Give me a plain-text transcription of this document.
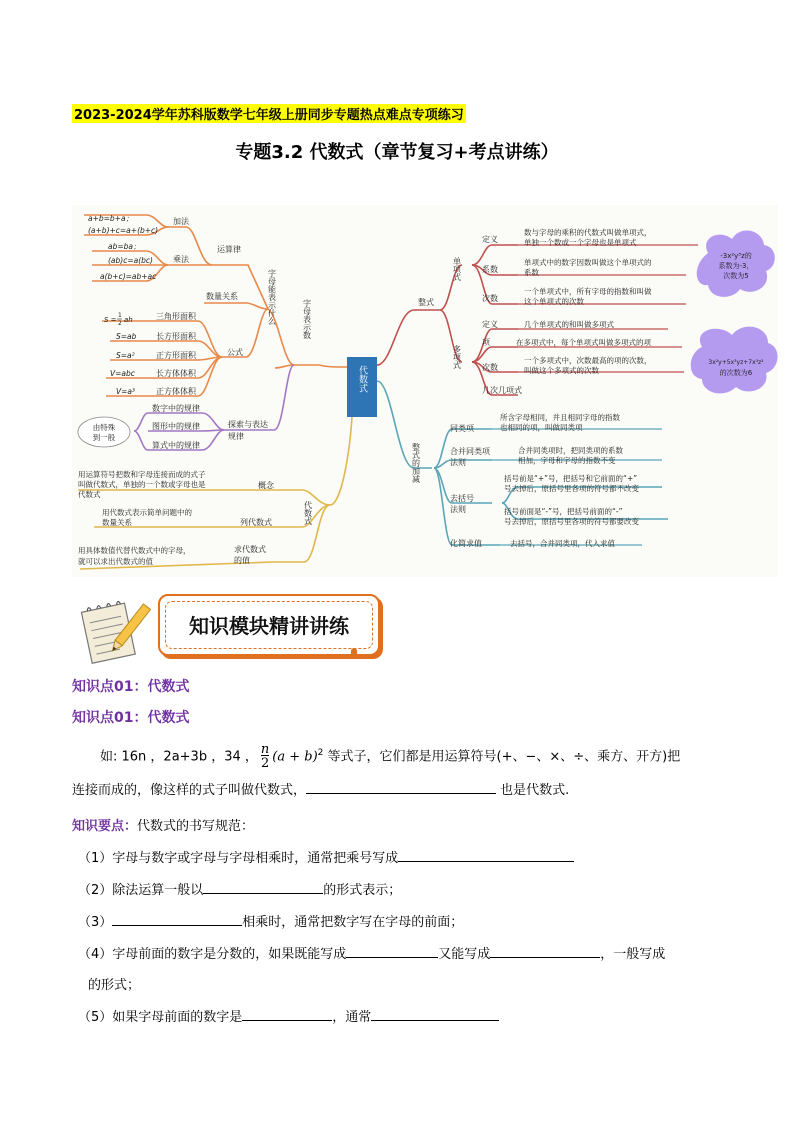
2023-2024学年苏科版数学七年级上册同步专题热点难点专项练习
专题3.2 代数式（章节复习+考点讲练）
代数式
字母表示数
字母能表示什么
运算律
加法
乘法
a+b=b+a；
(a+b)+c=a+(b+c)
ab=ba；
(ab)c=a(bc)
a(b+c)=ab+ac
数量关系
公式
S =
1
2 ah	三角形面积
S=ab 长方形面积
S=a²	正方形面积
V=abc	长方体体积
V=a³	正方体体积
探索与表达
规律
数字中的规律
图形中的规律
算式中的规律
由特殊
到一般
代数式
概念
用运算符号把数和字母连接而成的式子
叫做代数式，单独的一个数或字母也是
代数式
列代数式
用代数式表示简单问题中的
数量关系
求代数式
的值
用具体数值代替代数式中的字母，
就可以求出代数式的值
整式
单项式
定义
数与字母的乘积的代数式叫做单项式，
单独一个数或一个字母也是单项式
系数
单项式中的数字因数叫做这个单项式的
系数
次数
一个单项式中，所有字母的指数和叫做
这个单项式的次数
多项式
定义	几个单项式的和叫做多项式
项	在多项式中，每个单项式叫做多项式的项
次数
一个多项式中，次数最高的项的次数，
叫做这个多项式的次数
几次几项式
-3x²y³z的
系数为-3，
次数为5
3x²y+5x³yz+7x³z²
的次数为6
整式的加减
同类项
所含字母相同，并且相同字母的指数
也相同的项，叫做同类项
合并同类项
法则
合并同类项时，把同类项的系数
相加，字母和字母的指数不变
去括号
法则
括号前是“+”号，把括号和它前面的“+”
号去掉后，原括号里各项的符号都不改变
括号前面是“-”号，把括号前面的“-”
号去掉后，原括号里各项的符号都要改变
化简求值	去括号，合并同类项，代入求值
知识模块精讲讲练
知识点01：代数式
知识点01：代数式
如: 16n ，2a+3b ，34 ， $\frac{n}{2} (a + b)^2$ 等式子，它们都是用运算符号(+、−、×、÷、乘方、开方)把
连接而成的，像这样的式子叫做代数式，	也是代数式.
知识要点：代数式的书写规范：
（1）字母与数字或字母与字母相乘时，通常把乘号写成
（2）除法运算一般以	的形式表示；
（3）	相乘时，通常把数字写在字母的前面；
（4）字母前面的数字是分数的，如果既能写成	又能写成	，一般写成
的形式；
（5）如果字母前面的数字是	，通常
